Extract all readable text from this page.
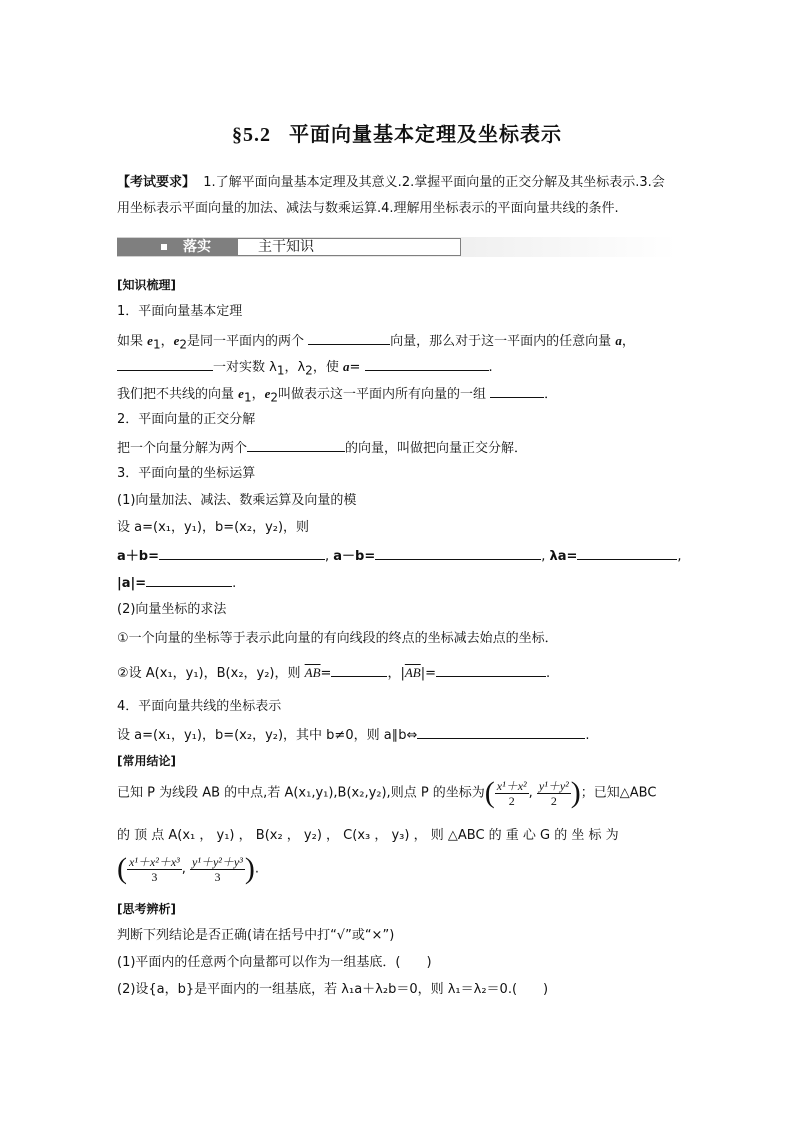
§5.2 平面向量基本定理及坐标表示
【考试要求】 1.了解平面向量基本定理及其意义.2.掌握平面向量的正交分解及其坐标表示.3.会
用坐标表示平面向量的加法、减法与数乘运算.4.理解用坐标表示的平面向量共线的条件.
落实	主干知识
[知识梳理]
1．平面向量基本定理
如果 $e_1$，$e_2$是同一平面内的两个	向量，那么对于这一平面内的任意向量 a，
一对实数 $\lambda_1$，$\lambda_2$，使 a=	.
我们把不共线的向量 $e_1$，$e_2$叫做表示这一平面内所有向量的一组	．
2．平面向量的正交分解
把一个向量分解为两个	的向量，叫做把向量正交分解．
3．平面向量的坐标运算
(1)向量加法、减法、数乘运算及向量的模
设 a=(x₁，y₁)，b=(x₂，y₂)，则
a＋b=	, a－b=	, λa=	,
|a|=	.
(2)向量坐标的求法
①一个向量的坐标等于表示此向量的有向线段的终点的坐标减去始点的坐标．
②设 A(x₁，y₁)，B(x₂，y₂)，则 $\overline{AB}=$	，$|\overline{AB}|=$	.
4．平面向量共线的坐标表示
设 a=(x₁，y₁)，b=(x₂，y₂)，其中 b≠0，则 a∥b⇔	.
[常用结论]
已知 P 为线段 AB 的中点,若 A(x₁,y₁),B(x₂,y₂),则点 P 的坐标为( $\frac{\text{x¹＋x²}}{2}$ , $\frac{\text{y¹＋y²}}{2}$ )；已知△ABC
的 顶 点 A(x₁ ， y₁) ， B(x₂ ， y₂) ， C(x₃ ， y₃) ， 则 △ABC 的 重 心 G 的 坐 标 为
( $\frac{\text{x¹＋x²＋x³}}{3}$ , $\frac{\text{y¹＋y²＋y³}}{3}$ ).
[思考辨析]
判断下列结论是否正确(请在括号中打“√”或“×”)
(1)平面内的任意两个向量都可以作为一组基底．(　　)
(2)设{a，b}是平面内的一组基底，若 λ₁a＋λ₂b＝0，则 λ₁＝λ₂＝0.(　　)
